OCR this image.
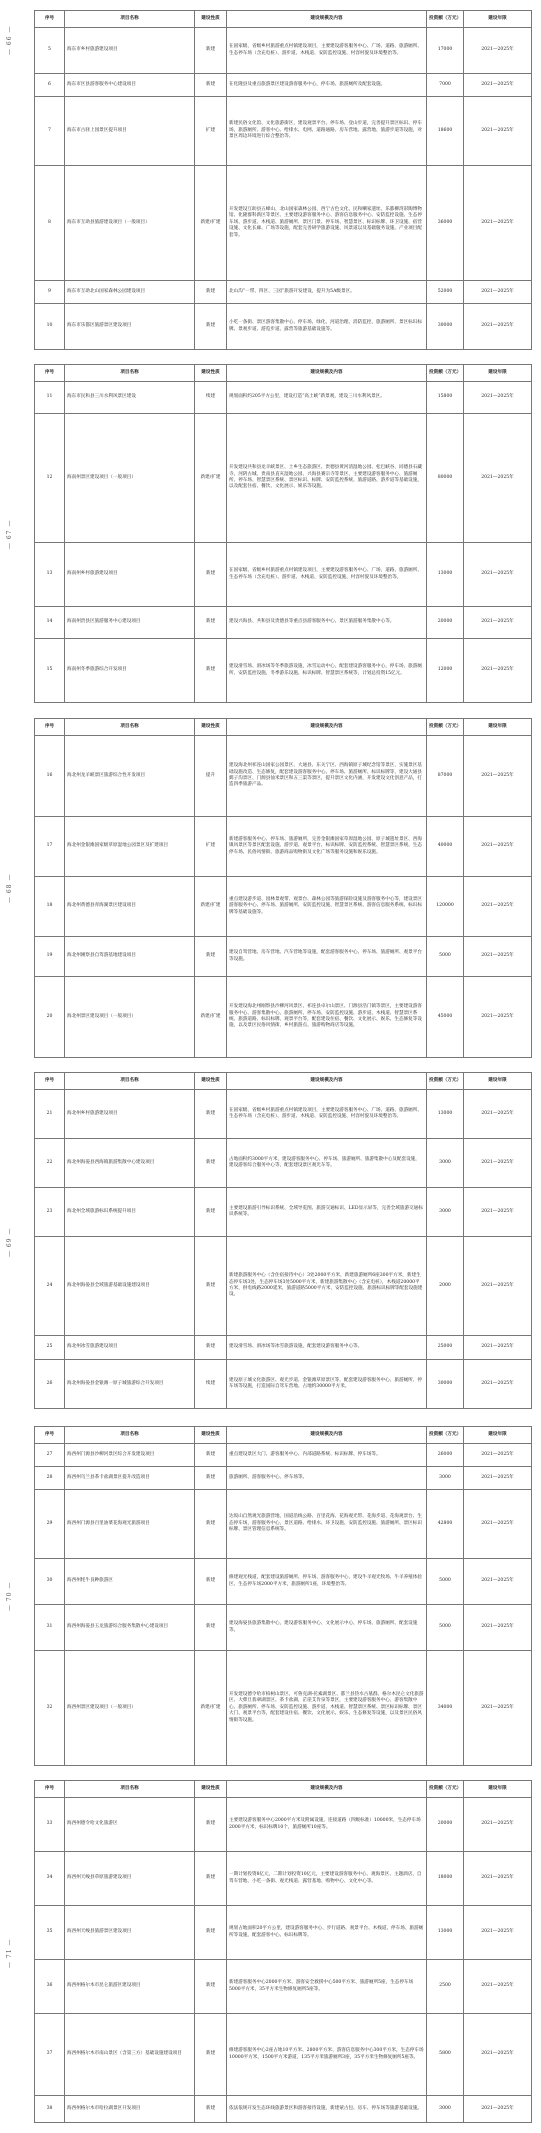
序号	项目名称	建设性质	建设规模及内容	投资额（万元）	建设年限
5	海东市乡村旅游建设项目	新建	在国家级、省级乡村旅游重点村镇建设项目，主要建设游客服务中心、广场、道路、旅游厕所、生态停车场（含充电桩）、游步道、木栈道、安防监控设施、村容村貌及环境整治等。	17000	2021—2025年
6	海东市区县游客服务中心建设项目	新建	在化隆县及重点旅游景区建设游客服务中心，停车场、旅游厕所及配套设施。	7000	2021—2025年
7	海东市古驿上园景区提升项目	扩建	新建民俗文化馆、文化旅游街区，建设观景平台、停车场、登山步道，完善提升景区标识、停车场、旅游厕所、游客中心、给排水、电网、道路通路。房车营地、露营地、旅游步道等设施，对景区周边环境进行综合整治等。	18600	2021—2025年
8	海东市互助县旅游建设项目（一般项目）	新建/扩建	开发建设互助县五峰山、北山国家森林公园、西宁古色文化、民和喇家遗址、乐都柳湾彩陶博物馆、化隆群科新区等景区、主要建设游客服务中心、游客信息服务中心、安防监控设施、生态停车场、游步道、木栈道、旅游厕所、景区门景、停车场、智慧景区、标识标牌、环卫设施、宿营设施、文化长廊、广场等设施，配套完善研学旅游设施、风景道以及基础服务设施、产业项目配套等。	36000	2021—2025年
9	海东市互助北山国家森林公园建设项目	新建	北山沟“一带、四区、三园”旅游开发建设，提升为5A级景区。	52000	2021—2025年
10	海东市乐都区旅游景区建设项目	新建	小吃一条街、景区游客集散中心、停车场、绿化、河道治理、消防监控、旅游厕所、景区标识标牌、景观步道、游览步道、露营等旅游基础设施等。	30000	2021—2025年
— 66 —
序号	项目名称	建设性质	建设规模及内容	投资额（万元）	建设年限
11	海东市民和县三川水利风景区建设	续建	规划面积约205平方公里，建设打造“高土峡”新景观，建设三川水利风景区。	15800	2021—2025年
12	海南州景区建设项目（一般项目）	新建/扩建	开发建设共和县龙羊峡景区、土乡生态旅游区、贵德县黄河清湿地公园、松巴峡谷、同德县石藏寺、河阴古城、贵南县直亥湿地公园、兴海县赛宗寺等景区，主要建设游客服务中心、旅游厕所、停车场、智慧景区系统、景区标识、标牌、安防监控系统、旅游道路、游步道等基础设施，以及配套住宿、餐饮、文化展示、娱乐等设施。	80000	2021—2025年
13	海南州乡村旅游建设项目	新建	在国家级、省级乡村旅游重点村镇建设项目，主要建设游客服务中心、广场、道路、旅游厕所、生态停车场（含充电桩）、游步道、木栈道、安防监控设施、村容村貌及环境整治等。	13000	2021—2025年
14	海南州贵县区旅游服务中心建设项目	新建	建设兴海县、共和县及贵德县等重点县游客服务中心、景区旅游服务集散中心等。	20000	2021—2025年
15	海南州冬季旅游综合开发项目	新建	建设滑雪场、滑冰场等冬季旅游设施，冰雪运动中心，配套建设游客服务中心、停车场、旅游厕所、安防监控设施、冬季游乐设施、标识标牌、智慧景区系统等，计划总投资15亿元。	12000	2021—2025年
— 67 —
序号	项目名称	建设性质	建设规模及内容	投资额（万元）	建设年限
16	海北州龙羊峡景区旅游综合性开发项目	提升	建设海北州祁连山国家公园景区、大通县、东关宁区、西海镇原子城纪念馆等景区，实施景区基础设施改造、生态修复，配套建设游客服务中心、停车场、旅游厕所、标识标牌等，建设大通县鹞子沟景区、门源县仙米景区和五三渠等景区，提升景区文化内涵，开发建设文化创意产品，打造四季旅游产品。	87000	2021—2025年
17	海北州金银滩国家级草原湿地公园景区及扩建项目	扩建	新建游客服务中心、停车场、旅游厕所，完善金银滩国家草原湿地公园、原子城遗址景区、西海镇风景区等景区配套设施、游步道、观景平台、标识标牌、安防监控系统、智慧景区系统、生态停车场、民俗风情街、旅游商品购物街及文化广场等服务设施和娱乐设施。	40000	2021—2025年
18	海北州黄德县青海湖景区建设项目	新建/扩建	重点建设游步道、园林景观带、观景台、森林公园等旅游探险设施及游客服务中心等，建设景区游客服务中心、停车场、旅游厕所、安防监控设施、智慧景区系统、游客信息服务系统、标识标牌等基础设施等。	120000	2021—2025年
19	海北州刚察县自驾游基地建设项目	新建	建设自驾营地、房车营地、汽车营地等设施，配套游客服务中心、停车场、旅游厕所、观景平台等设施。	5000	2021—2025年
20	海北州景区建设项目（一般项目）	新建/扩建	开发建设海北州刚察县沙柳河风景区、祁连县卓尔山景区、门源县浩门镇等景区，主要建设游客服务中心、游客集散中心、旅游厕所、停车场、安防监控设施、游步道、木栈道、智慧景区系统、旅游道路、标识标牌、观景平台等，配套建设住宿、餐饮、文化展示、娱乐、生态修复等设施，以及景区民俗风情街、乡村旅游点、旅游购物商店等设施。	45000	2021—2025年
— 68 —
序号	项目名称	建设性质	建设规模及内容	投资额（万元）	建设年限
21	海北州乡村旅游建设项目	新建	在国家级、省级乡村旅游重点村镇建设项目，主要建设游客服务中心、广场、道路、旅游厕所、生态停车场（含充电桩）、游步道、木栈道、安防监控设施、村容村貌及环境整治等。	13000	2021—2025年
22	海北州海晏县西海镇旅游集散中心建设项目	新建	占地面积约3000平方米，建设游客服务中心、停车场、旅游厕所、旅游集散中心及配套设施，建设游客综合服务中心等，配套建设景区观光车等。	3000	2021—2025年
23	海北州全域旅游标识系统提升项目	新建	主要建设旅游引导标识系统、全域导览图、旅游交通标识、LED显示屏等，完善全域旅游交通标识系统等。	3000	2021—2025年
24	海北州海晏县全域旅游基础设施建设项目	新建	新建旅游服务中心（含住宿接待中心）3处2000平方米，新建旅游厕所6座300平方米，新建生态停车场3处，生态停车场3处5000平方米，新建旅游集散中心（含充电桩），木栈道20000平方米，供电线路2000延米，旅游道路5000平方米，安防监控设施、旅游标识标牌等配套设施建设。	2000	2021—2025年
25	海北州冰雪旅游建设项目	新建	建设滑雪场、滑冰场等冰雪旅游设施，配套建设游客服务中心等。	25000	2021—2025年
26	海北州海晏县金银滩一原子城旅游综合开发项目	续建	建设原子城文化旅游区、观光步道、金银滩草原景区等，配套建设游客服务中心、旅游厕所、停车场等设施，打造国际自驾车营地、占地约30000平方米。	30000	2021—2025年
— 69 —
序号	项目名称	建设性质	建设规模及内容	投资额（万元）	建设年限
27	海西州门源县沙柳河景区综合开发建设项目	新建	重点建设景区大门、游客服务中心、内部道路系统、标识标牌、停车场等。	26000	2021—2025年
28	海西州乌兰县茶卡盐湖景区提升改造项目	新建	旅游厕所、游客服务中心、停车场等。	3000	2021—2025年
29	海西州门源县百里油菜花海观光旅游项目	新建	达坂山自然观光旅游营地，国道沿线公路、百里花海、花海观光带、花海步道、花海观景台、生态停车场，游客服务中心，景区道路、给排水、环卫设施、安防监控设施、旅游厕所、景区标识标牌、景区管理信息系统等。	42800	2021—2025年
30	海西州牦牛良种旅游区	新建	修建观光栈道，配套建设旅游厕所、停车场、游客服务中心，建设牛羊观光牧场、牛羊养殖体验区、生态停车场2000平方米，旅游厕所1座，环境整治等。	5000	2021—2025年
31	海西州海晏县玉龙旅游综合服务集散中心建设项目	新建	建设海晏县旅游集散中心，建设游客服务中心、文化展示中心、停车场、旅游厕所、配套设施等。	5000	2021—2025年
32	海西州景区建设项目（一般项目）	新建/扩建	开发建设德令哈市柏树山景区、可鲁克湖-托素湖景区、都兰县热水古墓群、格尔木昆仑文化旅游区、大柴旦翡翠湖景区、茶卡盐湖、茫崖艾肯泉等景区，主要建设游客服务中心、游客集散中心、旅游厕所、停车场、安防监控设施、游步道、木栈道、智慧景区系统、景区标识标牌、景区大门、观景平台等，配套建设住宿、餐饮、文化展示、娱乐、生态修复等设施，以及景区民俗风情街等设施。	34000	2021—2025年
— 70 —
序号	项目名称	建设性质	建设规模及内容	投资额（万元）	建设年限
33	海西州德令哈文化旅游区	新建	主要建设游客服务中心2000平方米及附属设施，连接道路（四级标准）10000米，生态停车场2000平方米，标识标牌10个，旅游厕所10座等。	20000	2021—2025年
34	海西州天峻县草原旅游建设项目	新建	一期计划投资8亿元，二期计划投资10亿元，主要建设游客服务中心、观海景区、主题酒店、自驾车营地、小吃一条街、观光栈道、露营基地、购物中心、文化中心等。	18000	2021—2025年
35	海西州天峻县旅游景区建设项目	新建	规划占地面积20平方公里，建设游客服务中心、步行道路、观景平台、木栈道、停车场、旅游厕所等设施，配套游客中心、标识标牌等。	13000	2021—2025年
36	海西州格尔木市昆仑旅游区建设项目	新建	新建游客服务中心2000平方米、游客安全救援中心500平方米、旅游厕所5座，生态停车场5000平方米，35平方米生物修复厕所5座等。	2500	2021—2025年
37	海西州格尔木市南山景区（含第三方）基础设施建设项目	新建	修建游客服务中心2座占地10平方米、2800平方米、游客信息服务中心300平方米，生态停车场10000平方米，1500平方米游道，135平方米旅游厕所3座，35平方米生物修复厕所5座等。	5800	2021—2025年
38	海西州格尔木市哈拉湖景区开发项目	新建	依法依规开发生态环线旅游景区和游客接待设施，新建蒙古包、房车、停车场等旅游基础设施。	3000	2021—2025年
— 71 —
